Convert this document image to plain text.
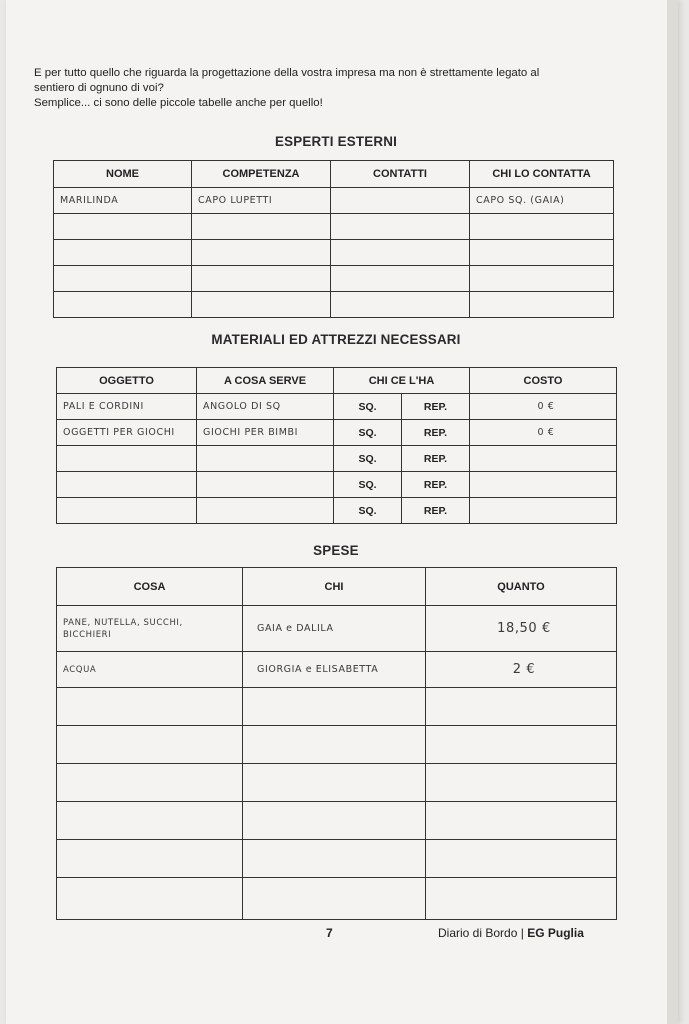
E per tutto quello che riguarda la progettazione della vostra impresa ma non è strettamente legato al

sentiero di ognuno di voi?

Semplice... ci sono delle piccole tabelle anche per quello!

ESPERTI ESTERNI
NOME	COMPETENZA	CONTATTI	CHI LO CONTATTA
MARILINDA	CAPO LUPETTI		CAPO SQ. (GAIA)

MATERIALI ED ATTREZZI NECESSARI
OGGETTO	A COSA SERVE	CHI CE L'HA		COSTO
PALI E CORDINI	ANGOLO DI SQ	SQ.	REP.	0 €
OGGETTI PER GIOCHI	GIOCHI PER BIMBI	SQ.	REP.	0 €
		SQ.	REP.	
		SQ.	REP.	
		SQ.	REP.	
SPESE
COSA	CHI	QUANTO

PANE, NUTELLA, SUCCHI,
BICCHIERI	GAIA e DALILA	18,50 €

ACQUA	GIORGIA e ELISABETTA	2 €

7	Diario di Bordo | EG Puglia
